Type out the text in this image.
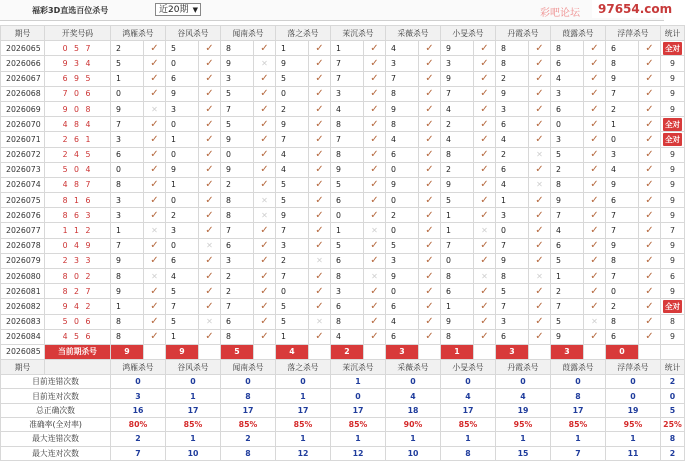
福彩3D直选百位杀号	近20期 ▼	彩吧论坛 97654.com
期号	开奖号码	鸿雁杀号		谷风杀号		闻南杀号		落之杀号		茉沉杀号		采薇杀号		小旻杀号		丹霞杀号		葭露杀号		浮萍杀号		统计
2026065	0 5 7	2	✓	5	✓	8	✓	1	✓	1	✓	4	✓	9	✓	8	✓	8	✓	6	✓	全对
2026066	9 3 4	5	✓	0	✓	9	✕	9	✓	7	✓	3	✓	3	✓	8	✓	6	✓	8	✓	9
2026067	6 9 5	1	✓	6	✓	3	✓	5	✓	7	✓	7	✓	9	✓	2	✓	4	✓	9	✓	9
2026068	7 0 6	0	✓	9	✓	5	✓	0	✓	3	✓	8	✓	7	✓	9	✓	3	✓	7	✓	9
2026069	9 0 8	9	✕	3	✓	7	✓	2	✓	4	✓	9	✓	4	✓	3	✓	6	✓	2	✓	9
2026070	4 8 4	7	✓	0	✓	5	✓	9	✓	8	✓	8	✓	2	✓	6	✓	0	✓	1	✓	全对
2026071	2 6 1	3	✓	1	✓	9	✓	7	✓	7	✓	4	✓	4	✓	4	✓	3	✓	0	✓	全对
2026072	2 4 5	6	✓	0	✓	0	✓	4	✓	8	✓	6	✓	8	✓	2	✕	5	✓	3	✓	9
2026073	5 0 4	0	✓	9	✓	9	✓	4	✓	9	✓	0	✓	2	✓	6	✓	2	✓	4	✓	9
2026074	4 8 7	8	✓	1	✓	2	✓	5	✓	5	✓	9	✓	9	✓	4	✕	8	✓	9	✓	9
2026075	8 1 6	3	✓	0	✓	8	✕	5	✓	6	✓	0	✓	5	✓	1	✓	9	✓	6	✓	9
2026076	8 6 3	3	✓	2	✓	8	✕	9	✓	0	✓	2	✓	1	✓	3	✓	7	✓	7	✓	9
2026077	1 1 2	1	✕	3	✓	7	✓	7	✓	1	✕	0	✓	1	✕	0	✓	4	✓	7	✓	7
2026078	0 4 9	7	✓	0	✕	6	✓	3	✓	5	✓	5	✓	7	✓	7	✓	6	✓	9	✓	9
2026079	2 3 3	9	✓	6	✓	3	✓	2	✕	6	✓	3	✓	0	✓	9	✓	5	✓	8	✓	9
2026080	8 0 2	8	✕	4	✓	2	✓	7	✓	8	✕	9	✓	8	✕	8	✕	1	✓	7	✓	6
2026081	8 2 7	9	✓	5	✓	2	✓	0	✓	3	✓	0	✓	6	✓	5	✓	2	✓	0	✓	9
2026082	9 4 2	1	✓	7	✓	7	✓	5	✓	6	✓	6	✓	1	✓	7	✓	7	✓	2	✓	全对
2026083	5 0 6	8	✓	5	✕	6	✓	5	✕	8	✓	4	✓	9	✓	3	✓	5	✕	8	✓	8
2026084	4 5 6	8	✓	1	✓	8	✓	1	✓	4	✓	6	✓	8	✓	6	✓	9	✓	6	✓	9
2026085	当前期杀号	9		9		5		4		2		3		1		3		3		0		
期号		鸿雁杀号		谷风杀号		闻南杀号		落之杀号		茉沉杀号		采薇杀号		小旻杀号		丹霞杀号		葭露杀号		浮萍杀号		统计
目前连错次数		0		0		0		0		1		0		0		0		0		0		2
目前连对次数		3		1		8		1		0		4		4		4		8		0		0
总正确次数		16		17		17		17		17		18		17		19		17		19		5
准确率(全对率)		80%		85%		85%		85%		85%		90%		85%		95%		85%		95%		25%
最大连错次数		2		1		2		1		1		1		1		1		1		1		8
最大连对次数		7		10		8		12		12		10		8		15		7		11		2
